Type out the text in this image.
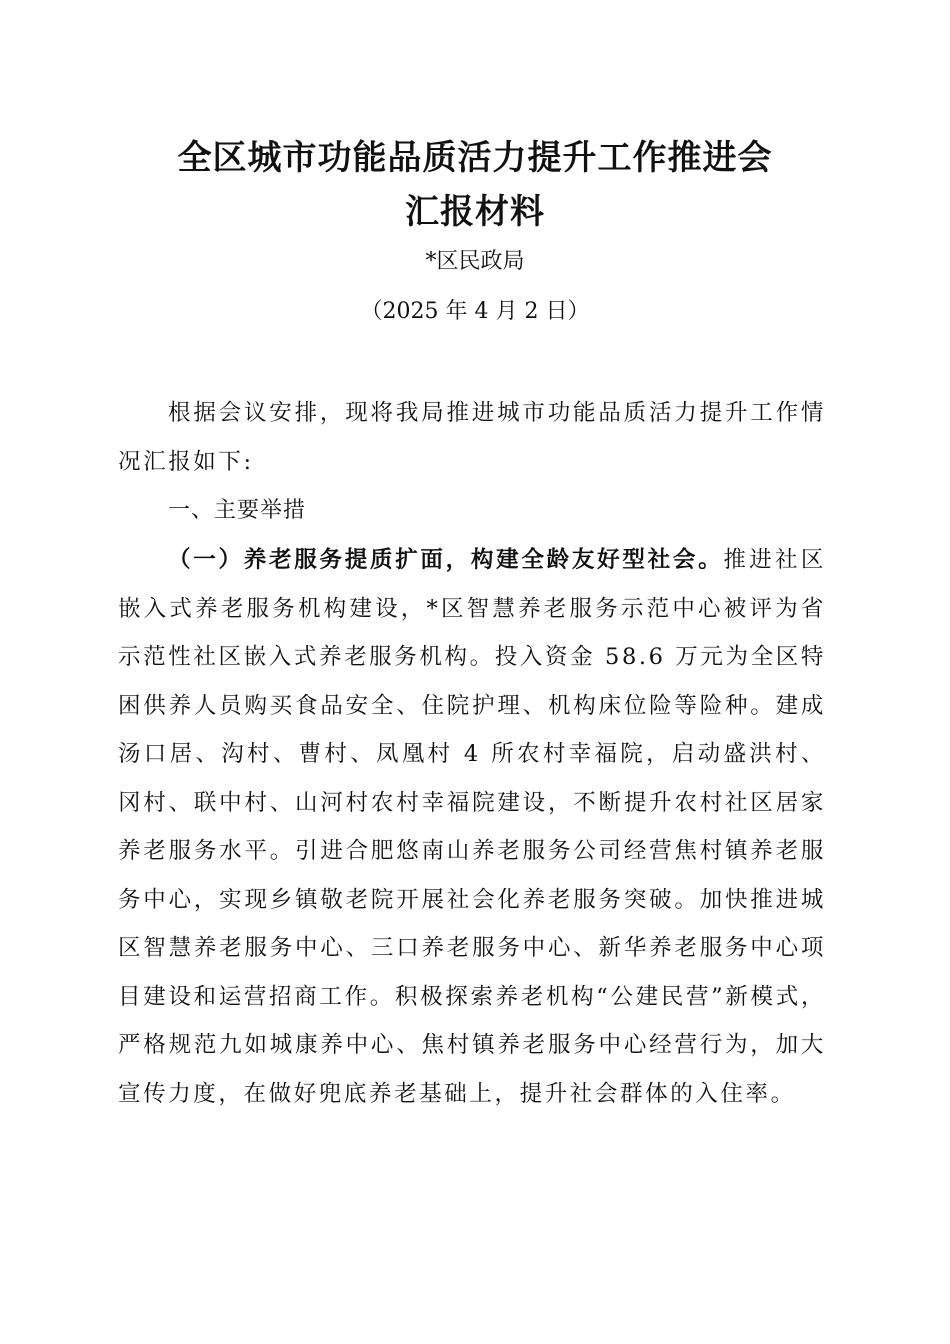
全区城市功能品质活力提升工作推进会
汇报材料

*区民政局

（2025 年 4 月 2 日）

根据会议安排，现将我局推进城市功能品质活力提升工作情况汇报如下:

一、主要举措

（一）养老服务提质扩面，构建全龄友好型社会。推进社区嵌入式养老服务机构建设，*区智慧养老服务示范中心被评为省示范性社区嵌入式养老服务机构。投入资金 58.6 万元为全区特困供养人员购买食品安全、住院护理、机构床位险等险种。建成汤口居、沟村、曹村、凤凰村 4 所农村幸福院，启动盛洪村、冈村、联中村、山河村农村幸福院建设，不断提升农村社区居家养老服务水平。引进合肥悠南山养老服务公司经营焦村镇养老服务中心，实现乡镇敬老院开展社会化养老服务突破。加快推进城区智慧养老服务中心、三口养老服务中心、新华养老服务中心项目建设和运营招商工作。积极探索养老机构“公建民营”新模式，严格规范九如城康养中心、焦村镇养老服务中心经营行为，加大宣传力度，在做好兜底养老基础上，提升社会群体的入住率。
